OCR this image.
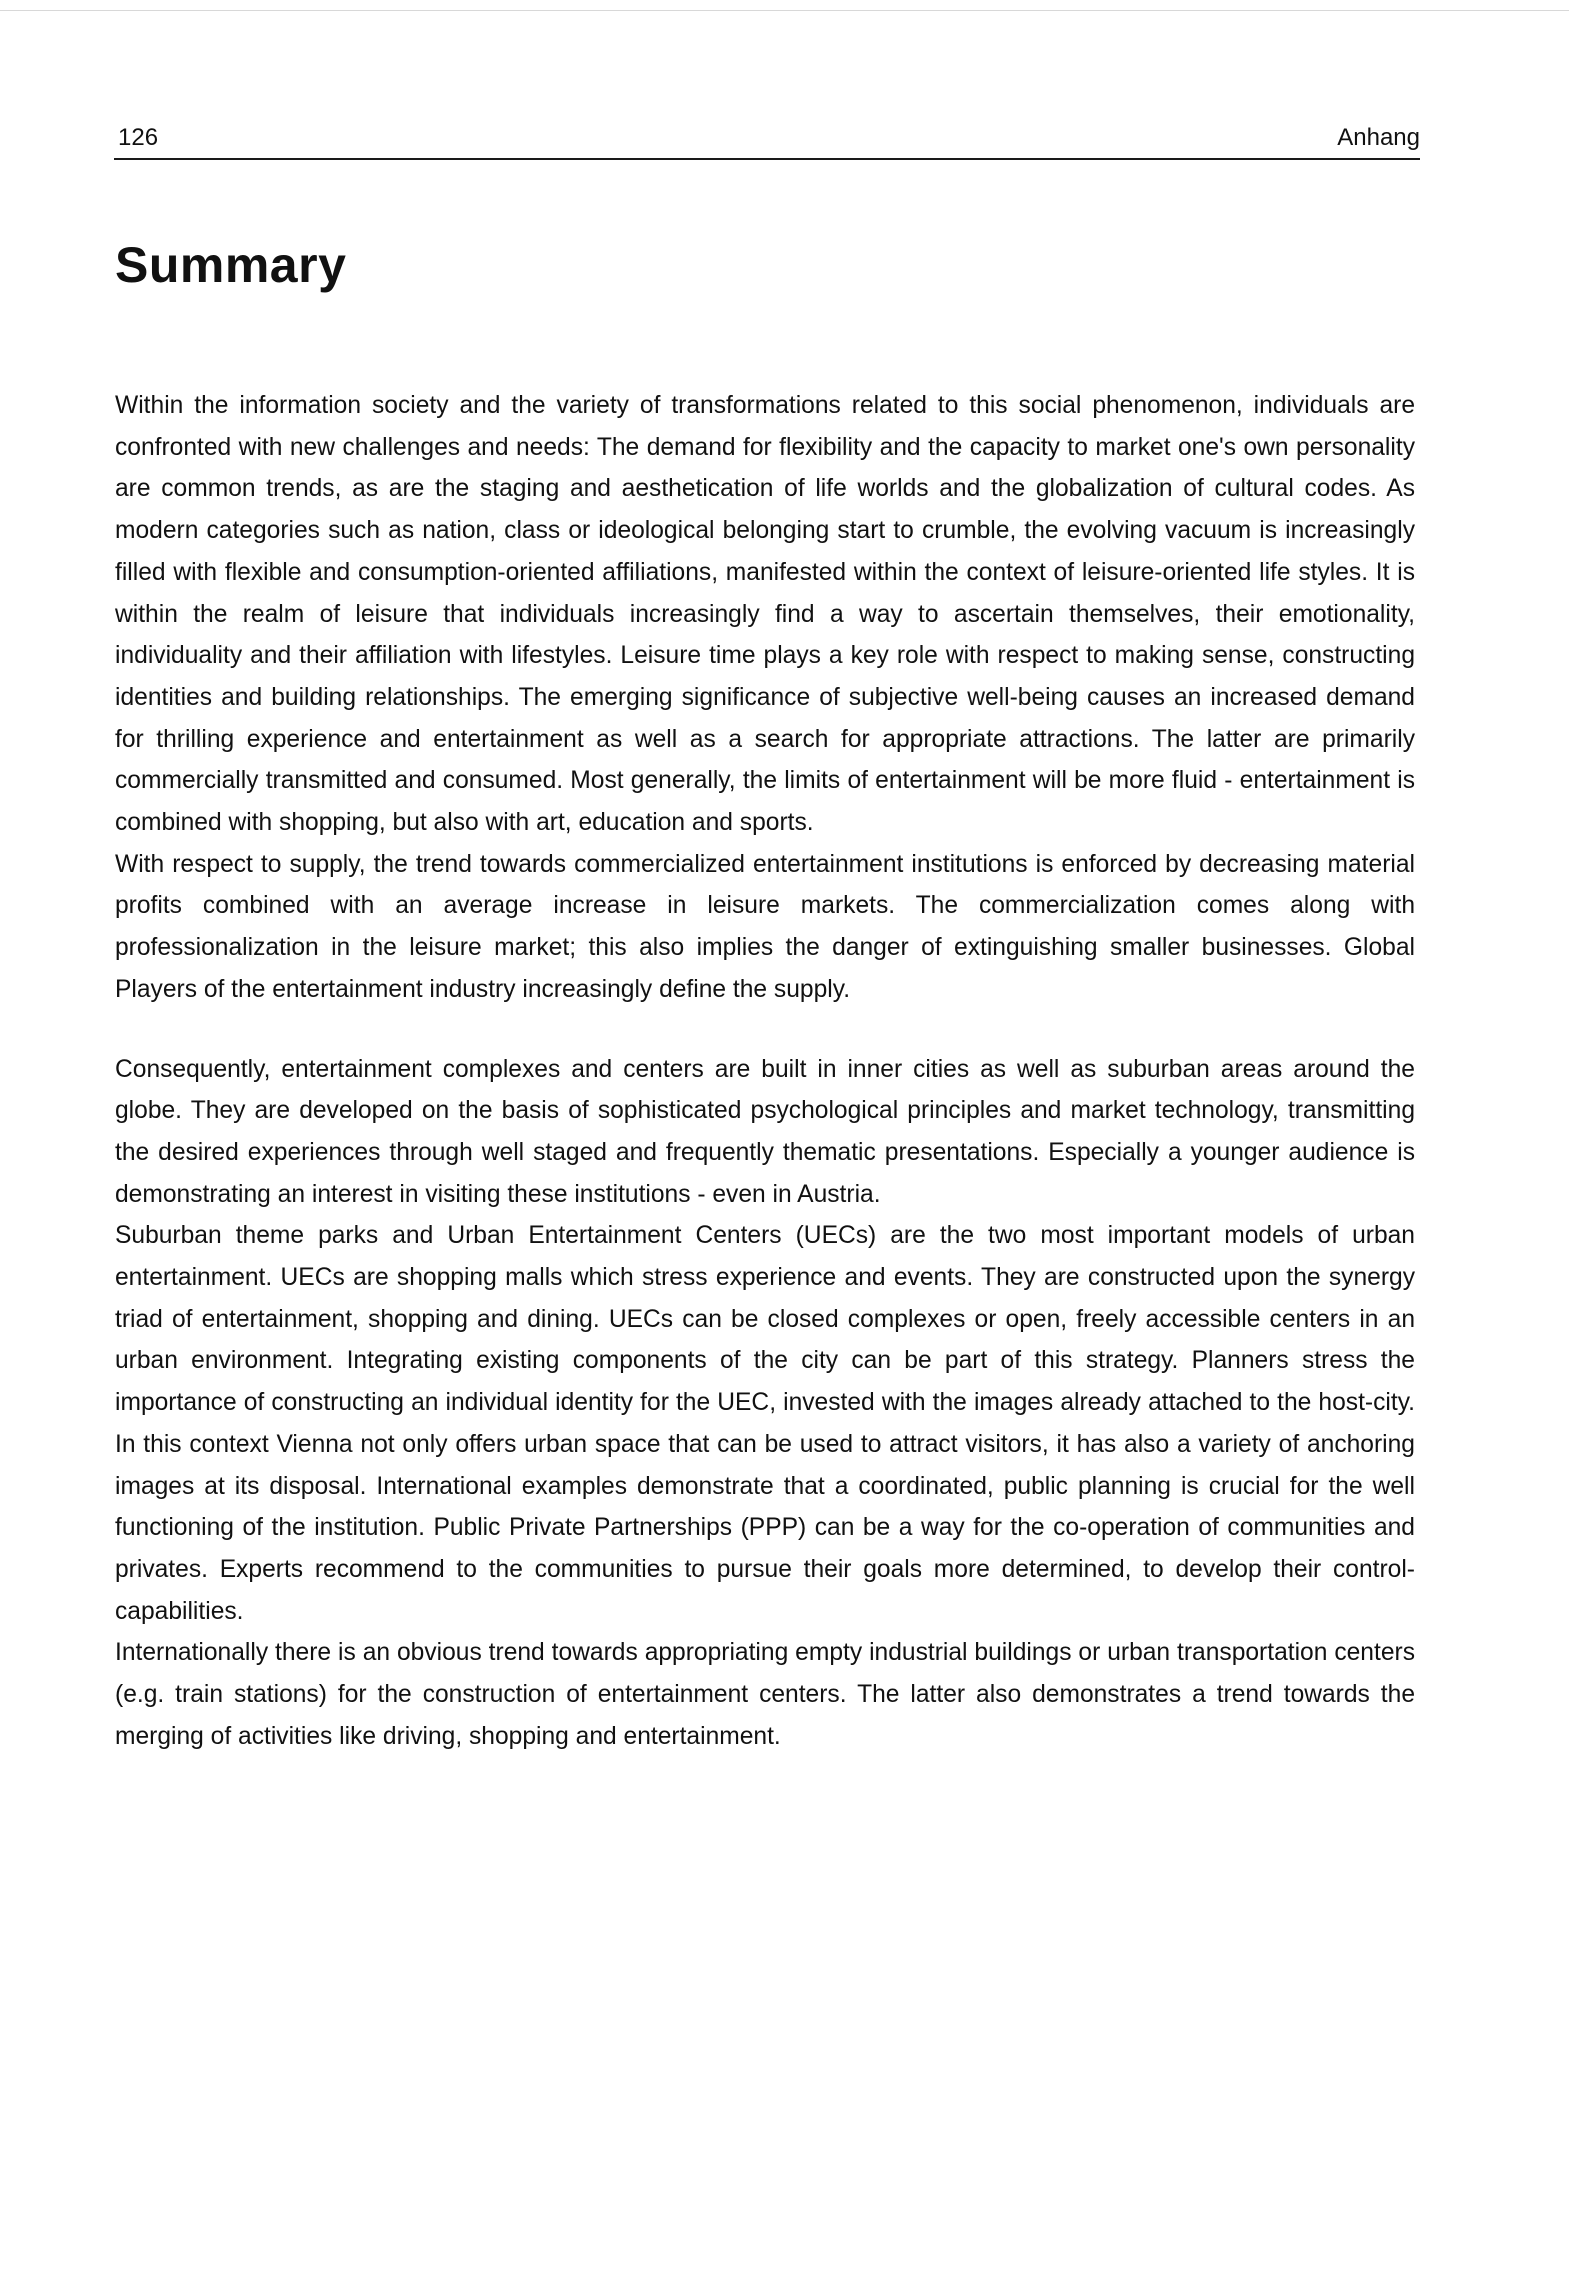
126	Anhang
Summary

Within the information society and the variety of transformations related to this social phenomenon, individuals are confronted with new challenges and needs: The demand for flexibility and the capacity to market one's own personality are common trends, as are the staging and aesthetication of life worlds and the globalization of cultural codes. As modern categories such as nation, class or ideological belonging start to crumble, the evolving vacuum is increasingly filled with flexible and consumption-oriented affiliations, manifested within the context of leisure-oriented life styles. It is within the realm of leisure that individuals increasingly find a way to ascertain themselves, their emotionality, individuality and their affiliation with lifestyles. Leisure time plays a key role with respect to making sense, constructing identities and building relationships. The emerging significance of subjective well-being causes an increased demand for thrilling experience and entertainment as well as a search for appropriate attractions. The latter are primarily commercially transmitted and consumed. Most generally, the limits of entertainment will be more fluid - entertainment is combined with shopping, but also with art, education and sports.

With respect to supply, the trend towards commercialized entertainment institutions is enforced by decreasing material profits combined with an average increase in leisure markets. The commercialization comes along with professionalization in the leisure market; this also implies the danger of extinguishing smaller businesses. Global Players of the entertainment industry increasingly define the supply.

Consequently, entertainment complexes and centers are built in inner cities as well as suburban areas around the globe. They are developed on the basis of sophisticated psychological principles and market technology, transmitting the desired experiences through well staged and frequently thematic presentations. Especially a younger audience is demonstrating an interest in visiting these institutions - even in Austria.

Suburban theme parks and Urban Entertainment Centers (UECs) are the two most important models of urban entertainment. UECs are shopping malls which stress experience and events. They are constructed upon the synergy triad of entertainment, shopping and dining. UECs can be closed complexes or open, freely accessible centers in an urban environment. Integrating existing components of the city can be part of this strategy. Planners stress the importance of constructing an individual identity for the UEC, invested with the images already attached to the host-city. In this context Vienna not only offers urban space that can be used to attract visitors, it has also a variety of anchoring images at its disposal. International examples demonstrate that a coordinated, public planning is crucial for the well functioning of the institution. Public Private Partnerships (PPP) can be a way for the co-operation of communities and privates. Experts recommend to the communities to pursue their goals more determined, to develop their control-capabilities.

Internationally there is an obvious trend towards appropriating empty industrial buildings or urban transportation centers (e.g. train stations) for the construction of entertainment centers. The latter also demonstrates a trend towards the merging of activities like driving, shopping and entertainment.
